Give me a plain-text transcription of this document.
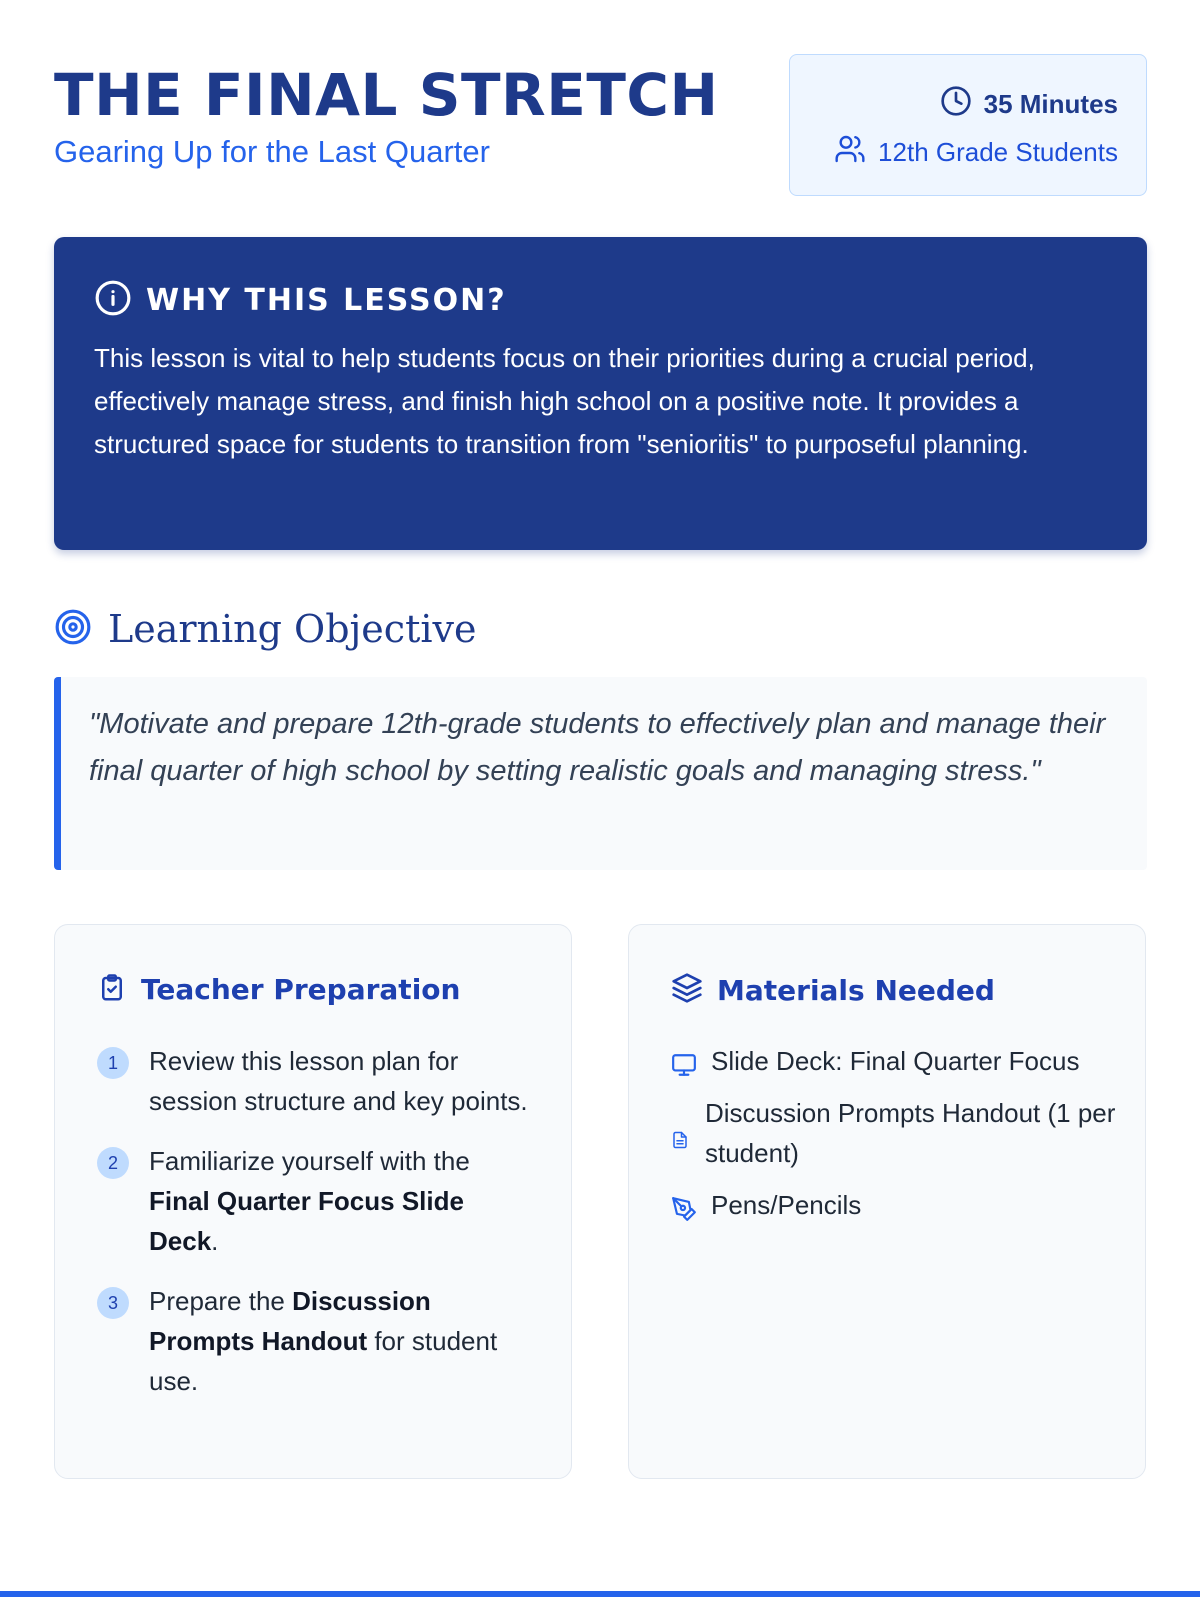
THE FINAL STRETCH
Gearing Up for the Last Quarter
35 Minutes
12th Grade Students
WHY THIS LESSON?

This lesson is vital to help students focus on their priorities during a crucial period, effectively manage stress, and finish high school on a positive note. It provides a structured space for students to transition from "senioritis" to purposeful planning.

Learning Objective

"Motivate and prepare 12th-grade students to effectively plan and manage their final quarter of high school by setting realistic goals and managing stress."

Teacher Preparation
1	Review this lesson plan for session structure and key points.
2	Familiarize yourself with the Final Quarter Focus Slide Deck.
3	Prepare the Discussion Prompts Handout for student use.
Materials Needed
Slide Deck: Final Quarter Focus
Discussion Prompts Handout (1 per student)
Pens/Pencils
